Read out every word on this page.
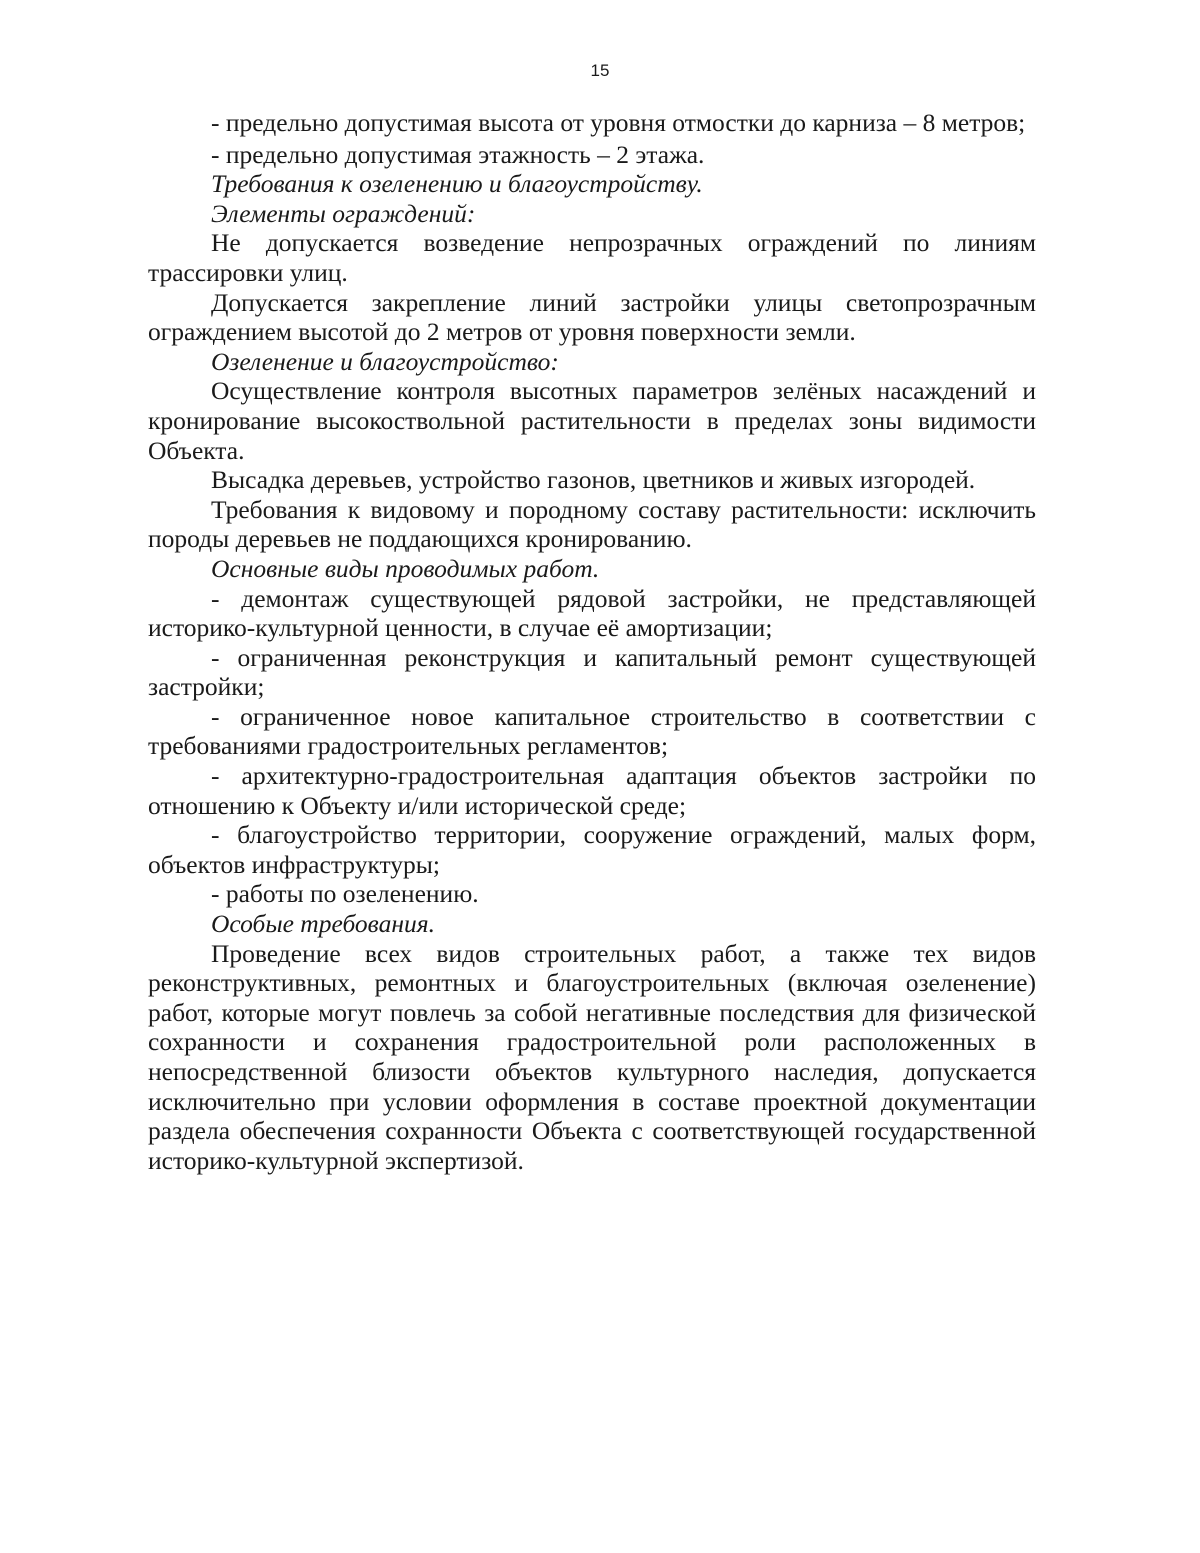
15

- предельно допустимая высота от уровня отмостки до карниза – 8 метров;

- предельно допустимая этажность – 2 этажа.

Требования к озеленению и благоустройству.

Элементы ограждений:

Не допускается возведение непрозрачных ограждений по линиям трассировки улиц.

Допускается закрепление линий застройки улицы светопрозрачным ограждением высотой до 2 метров от уровня поверхности земли.

Озеленение и благоустройство:

Осуществление контроля высотных параметров зелёных насаждений и кронирование высокоствольной растительности в пределах зоны видимости Объекта.

Высадка деревьев, устройство газонов, цветников и живых изгородей.

Требования к видовому и породному составу растительности: исключить породы деревьев не поддающихся кронированию.

Основные виды проводимых работ.

- демонтаж существующей рядовой застройки, не представляющей историко-культурной ценности, в случае её амортизации;

- ограниченная реконструкция и капитальный ремонт существующей застройки;

- ограниченное новое капитальное строительство в соответствии с требованиями градостроительных регламентов;

- архитектурно-градостроительная адаптация объектов застройки по отношению к Объекту и/или исторической среде;

- благоустройство территории, сооружение ограждений, малых форм, объектов инфраструктуры;

- работы по озеленению.

Особые требования.

Проведение всех видов строительных работ, а также тех видов реконструктивных, ремонтных и благоустроительных (включая озеленение) работ, которые могут повлечь за собой негативные последствия для физической сохранности и сохранения градостроительной роли расположенных в непосредственной близости объектов культурного наследия, допускается исключительно при условии оформления в составе проектной документации раздела обеспечения сохранности Объекта с соответствующей государственной историко-культурной экспертизой.
